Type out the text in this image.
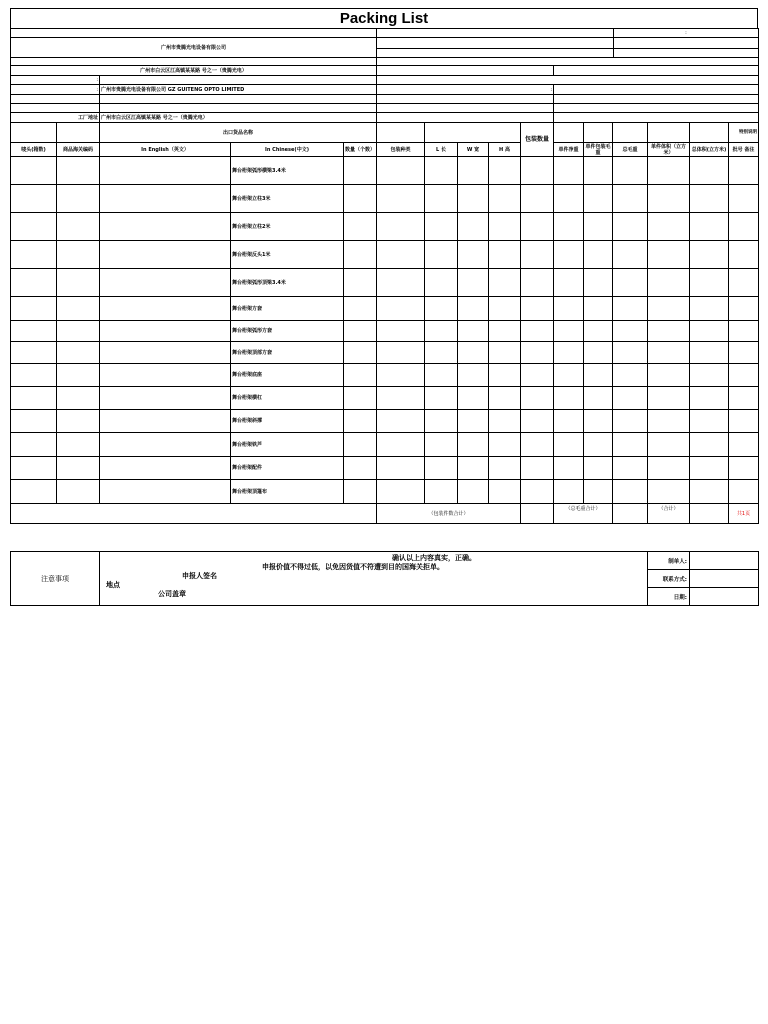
Packing List
				:
广州市贵腾光电设备有限公司				

广州市白云区江高镇某某路 号之一（贵腾光电）				
:				
:	广州市贵腾光电设备有限公司 GZ GUITENG OPTO LIMITED	:		

工厂地址	广州市白云区江高镇某某路 号之一（贵腾光电）			
		出口货品名称							包装数量						特别说明
唛头(箱数)	商品海关编码	In English（英文）	In Chinese(中文)	数量（个数）	包装种类	L 长	W 宽	H 高		单件净重	单件包装毛重	总毛重	单件体积（立方米）	总体积(立方米)	批号 备注
			舞台桁架弧形横梁3.4米												
			舞台桁架立柱3米												
			舞台桁架立柱2米												
			舞台桁架反头1米												
			舞台桁架弧形顶梁3.4米												
			舞台桁架方套												
			舞台桁架弧形方套												
			舞台桁架顶部方套												
			舞台桁架底座												
			舞台桁架横杠												
			舞台桁架斜撑												
			舞台桁架铁芦												
			舞台桁架配件												
			舞台桁架顶篷布												
					（包装件数合计）					（总毛重合计）			（合计）		共1页
注意事项	确认以上内容真实，正确。
申报价值不得过低，以免因货值不符遭到目的国海关拒单。
申报人签名
地点
公司盖章	制单人:	
		联系方式:	
		日期:	
